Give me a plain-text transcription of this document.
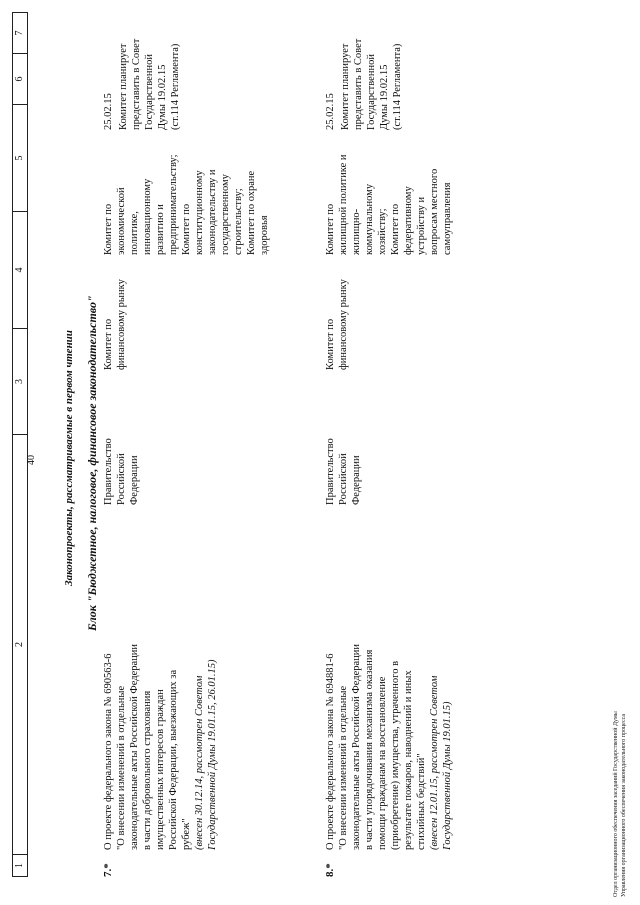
40
1
2
3
4
5
6
7
Законопроекты, рассматриваемые в первом чтении Блок "Бюджетное, налоговое, финансовое законодательство"
7.*
О проекте федерального закона № 690563-6 "О внесении изменений в отдельные законодательные акты Российской Федерации в части добровольного страхования имущественных интересов граждан Российской Федерации, выезжающих за рубеж" (внесен 30.12.14, рассмотрен Советом Государственной Думы 19.01.15, 26.01.15)
Правительство Российской Федерации
Комитет по финансовому рынку
Комитет по экономической политике, инновационному развитию и предпринимательству; Комитет по конституционному законодательству и государственному строительству; Комитет по охране здоровья
25.02.15 Комитет планирует представить в Совет Государственной Думы 19.02.15 (ст.114 Регламента)
8.*
О проекте федерального закона № 694881-6 "О внесении изменений в отдельные законодательные акты Российской Федерации в части упорядочивания механизма оказания помощи гражданам на восстановление (приобретение) имущества, утраченного в результате пожаров, наводнений и иных стихийных бедствий" (внесен 12.01.15, рассмотрен Советом Государственной Думы 19.01.15)
Правительство Российской Федерации
Комитет по финансовому рынку
Комитет по жилищной политике и жилищно- коммунальному хозяйству; Комитет по федеративному устройству и вопросам местного самоуправления
25.02.15 Комитет планирует представить в Совет Государственной Думы 19.02.15 (ст.114 Регламента)
Отдел организационного обеспечения заседаний Государственной Думы Управления организационного обеспечения законодательного процесса
